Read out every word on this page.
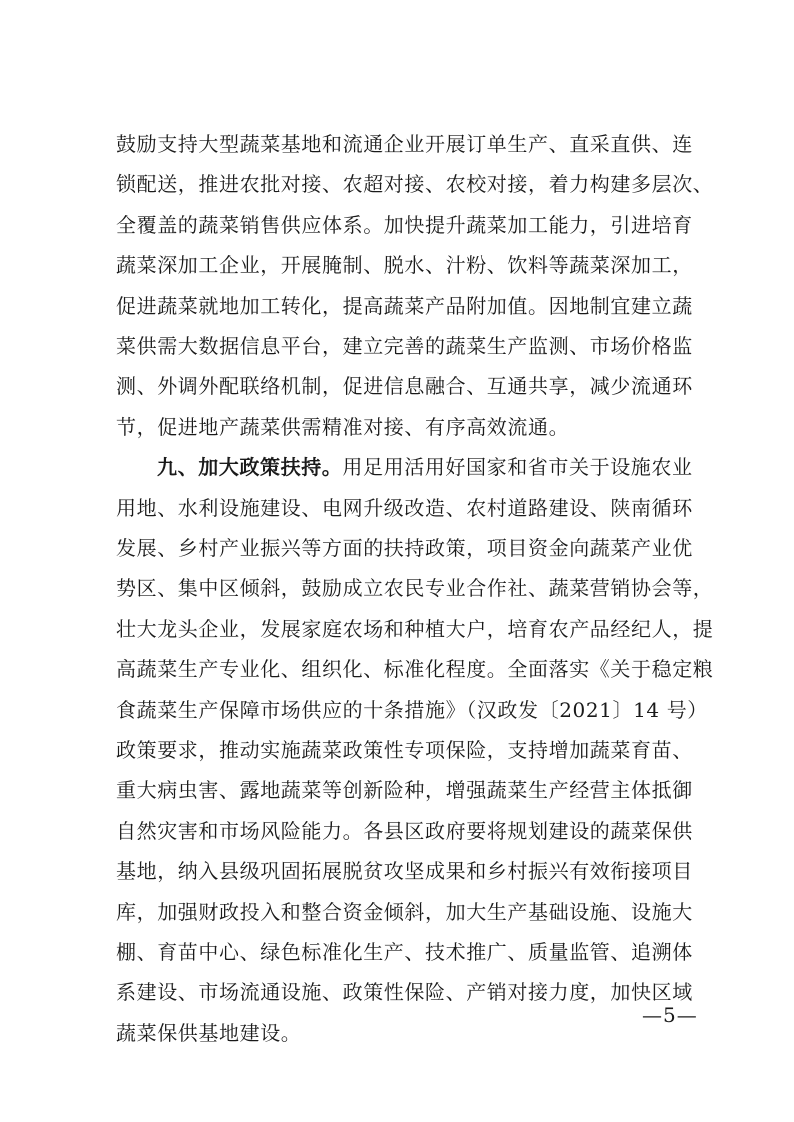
鼓励支持大型蔬菜基地和流通企业开展订单生产、直采直供、连
锁配送，推进农批对接、农超对接、农校对接，着力构建多层次、
全覆盖的蔬菜销售供应体系。加快提升蔬菜加工能力，引进培育
蔬菜深加工企业，开展腌制、脱水、汁粉、饮料等蔬菜深加工，
促进蔬菜就地加工转化，提高蔬菜产品附加值。因地制宜建立蔬
菜供需大数据信息平台，建立完善的蔬菜生产监测、市场价格监
测、外调外配联络机制，促进信息融合、互通共享，减少流通环
节，促进地产蔬菜供需精准对接、有序高效流通。
九、加大政策扶持。用足用活用好国家和省市关于设施农业
用地、水利设施建设、电网升级改造、农村道路建设、陕南循环
发展、乡村产业振兴等方面的扶持政策，项目资金向蔬菜产业优
势区、集中区倾斜，鼓励成立农民专业合作社、蔬菜营销协会等，
壮大龙头企业，发展家庭农场和种植大户，培育农产品经纪人，提
高蔬菜生产专业化、组织化、标准化程度。全面落实《关于稳定粮
食蔬菜生产保障市场供应的十条措施》（汉政发〔2021〕14 号）
政策要求，推动实施蔬菜政策性专项保险，支持增加蔬菜育苗、
重大病虫害、露地蔬菜等创新险种，增强蔬菜生产经营主体抵御
自然灾害和市场风险能力。各县区政府要将规划建设的蔬菜保供
基地，纳入县级巩固拓展脱贫攻坚成果和乡村振兴有效衔接项目
库，加强财政投入和整合资金倾斜，加大生产基础设施、设施大
棚、育苗中心、绿色标准化生产、技术推广、质量监管、追溯体
系建设、市场流通设施、政策性保险、产销对接力度，加快区域
蔬菜保供基地建设。
—5—
